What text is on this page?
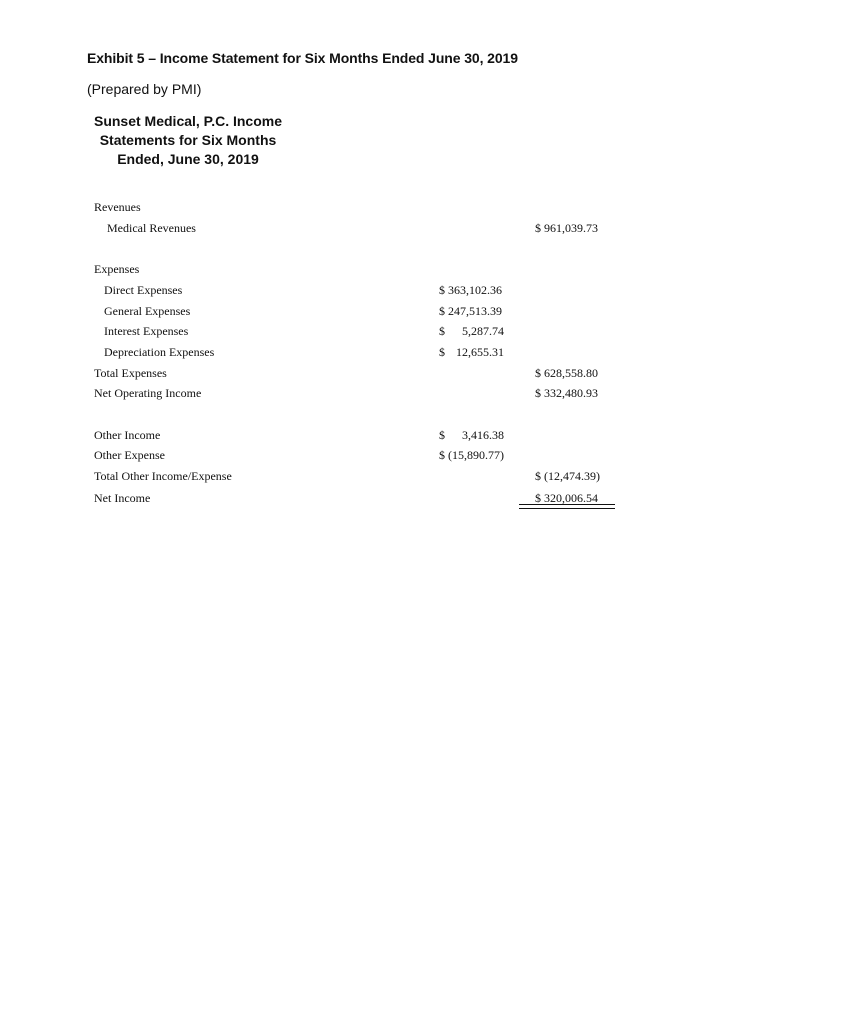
Exhibit 5 – Income Statement for Six Months Ended June 30, 2019
(Prepared by PMI)
Sunset Medical, P.C. Income Statements for Six Months Ended, June 30, 2019
Revenues
Medical Revenues	$ 961,039.73
Expenses
Direct Expenses	$ 363,102.36
General Expenses	$ 247,513.39
Interest Expenses	$ 5,287.74
Depreciation Expenses	$ 12,655.31
Total Expenses	$ 628,558.80
Net Operating Income	$ 332,480.93
Other Income	$ 3,416.38
Other Expense	$ (15,890.77)
Total Other Income/Expense	$ (12,474.39)
Net Income	$ 320,006.54
